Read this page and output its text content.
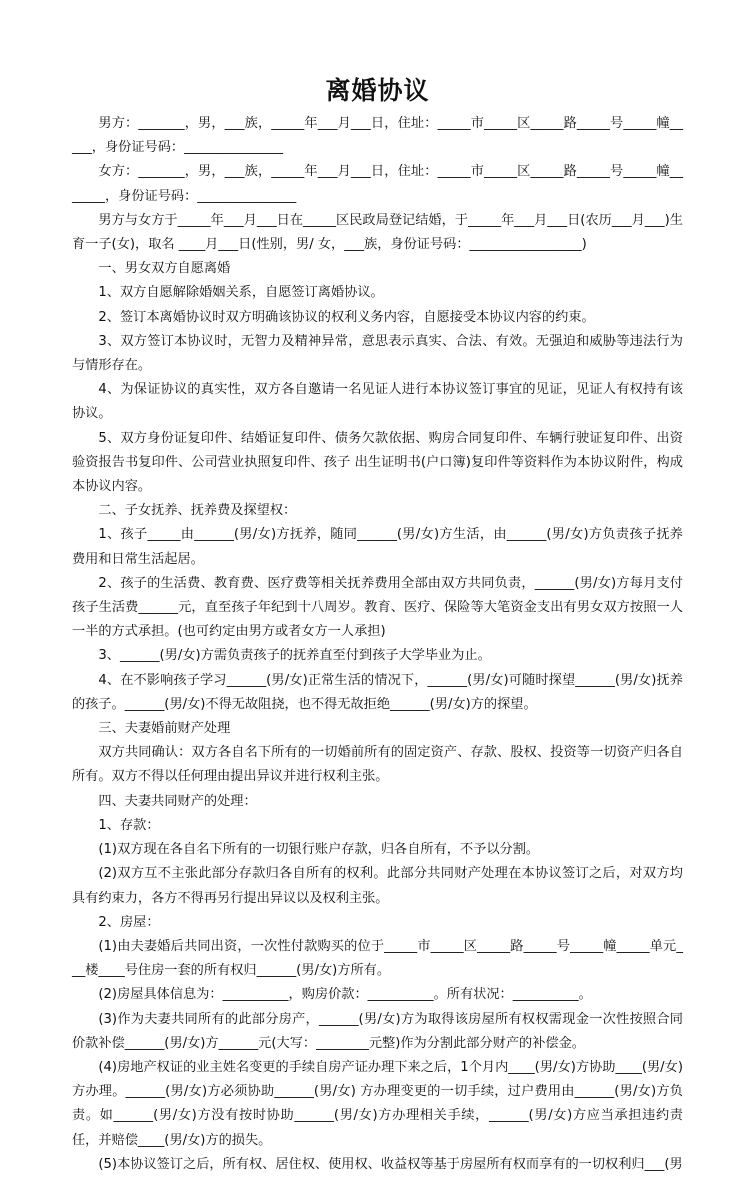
离婚协议

男方：_______，男，___族，_____年___月___日，住址：_____市_____区_____路_____号_____幢_____，身份证号码：_______________

女方：_______，男，___族，_____年___月___日，住址：_____市_____区_____路_____号_____幢_______，身份证号码：_______________

男方与女方于_____年___月___日在_____区民政局登记结婚，于_____年___月___日(农历___月___)生育一子(女)，取名 ____月___日(性别，男/ 女，___族，身份证号码：_________________)

一、男女双方自愿离婚

1、双方自愿解除婚姻关系，自愿签订离婚协议。

2、签订本离婚协议时双方明确该协议的权利义务内容，自愿接受本协议内容的约束。

3、双方签订本协议时，无智力及精神异常，意思表示真实、合法、有效。无强迫和威胁等违法行为与情形存在。

4、为保证协议的真实性，双方各自邀请一名见证人进行本协议签订事宜的见证，见证人有权持有该协议。

5、双方身份证复印件、结婚证复印件、债务欠款依据、购房合同复印件、车辆行驶证复印件、出资验资报告书复印件、公司营业执照复印件、孩子 出生证明书(户口簿)复印件等资料作为本协议附件，构成本协议内容。

二、子女抚养、抚养费及探望权：

1、孩子_____由______(男/女)方抚养，随同______(男/女)方生活，由______(男/女)方负责孩子抚养费用和日常生活起居。

2、孩子的生活费、教育费、医疗费等相关抚养费用全部由双方共同负责，______(男/女)方每月支付孩子生活费______元，直至孩子年纪到十八周岁。教育、医疗、保险等大笔资金支出有男女双方按照一人一半的方式承担。(也可约定由男方或者女方一人承担)

3、______(男/女)方需负责孩子的抚养直至付到孩子大学毕业为止。

4、在不影响孩子学习______(男/女)正常生活的情况下，______(男/女)可随时探望______(男/女)抚养的孩子。______(男/女)不得无故阻挠，也不得无故拒绝______(男/女)方的探望。

三、夫妻婚前财产处理

双方共同确认：双方各自名下所有的一切婚前所有的固定资产、存款、股权、投资等一切资产归各自所有。双方不得以任何理由提出异议并进行权利主张。

四、夫妻共同财产的处理：

1、存款：

(1)双方现在各自名下所有的一切银行账户存款，归各自所有，不予以分割。

(2)双方互不主张此部分存款归各自所有的权利。此部分共同财产处理在本协议签订之后，对双方均具有约束力，各方不得再另行提出异议以及权利主张。

2、房屋：

(1)由夫妻婚后共同出资，一次性付款购买的位于_____市_____区_____路_____号_____幢_____单元___楼____号住房一套的所有权归______(男/女)方所有。

(2)房屋具体信息为：__________，购房价款：__________。所有状况：__________。

(3)作为夫妻共同所有的此部分房产，______(男/女)方为取得该房屋所有权权需现金一次性按照合同价款补偿______(男/女)方______元(大写：________元整)作为分割此部分财产的补偿金。

(4)房地产权证的业主姓名变更的手续自房产证办理下来之后，1个月内____(男/女)方协助____(男/女)方办理。______(男/女)方必须协助______(男/女) 方办理变更的一切手续，过户费用由______(男/女)方负责。如______(男/女)方没有按时协助______(男/女)方办理相关手续，______(男/女)方应当承担违约责任，并赔偿____(男/女)方的损失。

(5)本协议签订之后，所有权、居住权、使用权、收益权等基于房屋所有权而享有的一切权利归___(男
